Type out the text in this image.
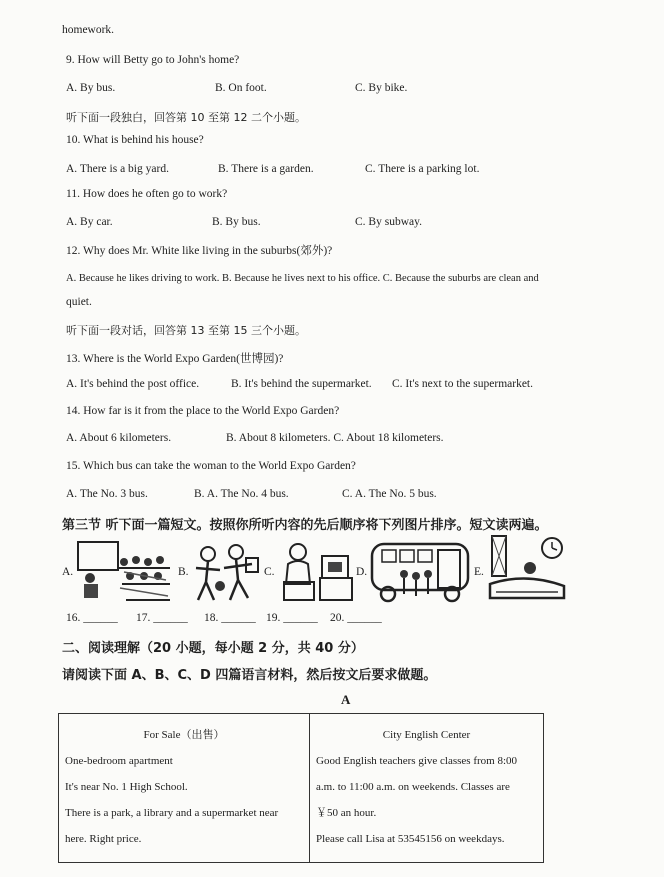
homework.
9. How will Betty go to John's home?
A. By bus.	B. On foot.	C. By bike.
听下面一段独白，回答第 10 至第 12 二个小题。
10. What is behind his house?
A. There is a big yard.	B. There is a garden.	C. There is a parking lot.
11. How does he often go to work?
A. By car.	B. By bus.	C. By subway.
12. Why does Mr. White like living in the suburbs(郊外)?
A. Because he likes driving to work. B. Because he lives next to his office. C. Because the suburbs are clean and
quiet.
听下面一段对话，回答第 13 至第 15 三个小题。
13. Where is the World Expo Garden(世博园)?
A. It's behind the post office.	B. It's behind the supermarket. C. It's next to the supermarket.
14. How far is it from the place to the World Expo Garden?
A. About 6 kilometers.	B. About 8 kilometers. C. About 18 kilometers.
15. Which bus can take the woman to the World Expo Garden?
A. The No. 3 bus.	B. A. The No. 4 bus.	C. A. The No. 5 bus.
第三节 听下面一篇短文。按照你所听内容的先后顺序将下列图片排序。短文读两遍。
A.	B.	C.	D.	E.
16. ______ 17. ______ 18. ______ 19. ______ 20. ______
二、阅读理解（20 小题，每小题 2 分，共 40 分）
请阅读下面 A、B、C、D 四篇语言材料，然后按文后要求做题。
A
For Sale（出售）
One-bedroom apartment
It's near No. 1 High School.
There is a park, a library and a supermarket near
here. Right price.

City English Center
Good English teachers give classes from 8:00
a.m. to 11:00 a.m. on weekends. Classes are
￥50 an hour.
Please call Lisa at 53545156 on weekdays.
